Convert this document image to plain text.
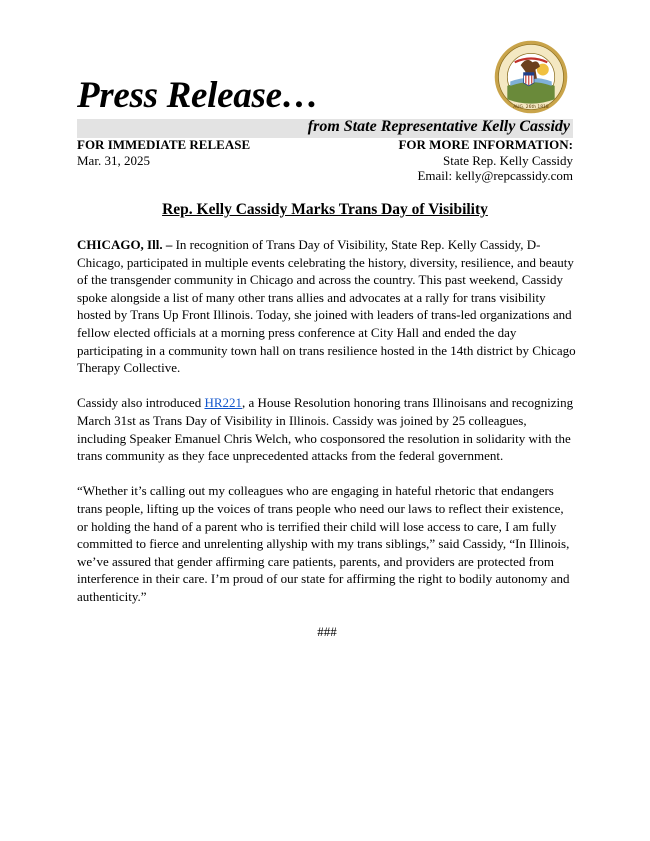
AUG. 26th 1818
Press Release…
from State Representative Kelly Cassidy
FOR IMMEDIATE RELEASE
Mar. 31, 2025
FOR MORE INFORMATION:
State Rep. Kelly Cassidy
Email: kelly@repcassidy.com
Rep. Kelly Cassidy Marks Trans Day of Visibility

CHICAGO, Ill. – In recognition of Trans Day of Visibility, State Rep. Kelly Cassidy, D-Chicago, participated in multiple events celebrating the history, diversity, resilience, and beauty of the transgender community in Chicago and across the country. This past weekend, Cassidy spoke alongside a list of many other trans allies and advocates at a rally for trans visibility hosted by Trans Up Front Illinois. Today, she joined with leaders of trans-led organizations and fellow elected officials at a morning press conference at City Hall and ended the day participating in a community town hall on trans resilience hosted in the 14th district by Chicago Therapy Collective.

Cassidy also introduced HR221, a House Resolution honoring trans Illinoisans and recognizing March 31st as Trans Day of Visibility in Illinois. Cassidy was joined by 25 colleagues, including Speaker Emanuel Chris Welch, who cosponsored the resolution in solidarity with the trans community as they face unprecedented attacks from the federal government.

“Whether it’s calling out my colleagues who are engaging in hateful rhetoric that endangers trans people, lifting up the voices of trans people who need our laws to reflect their existence, or holding the hand of a parent who is terrified their child will lose access to care, I am fully committed to fierce and unrelenting allyship with my trans siblings,” said Cassidy, “In Illinois, we’ve assured that gender affirming care patients, parents, and providers are protected from interference in their care. I’m proud of our state for affirming the right to bodily autonomy and authenticity.”

###
